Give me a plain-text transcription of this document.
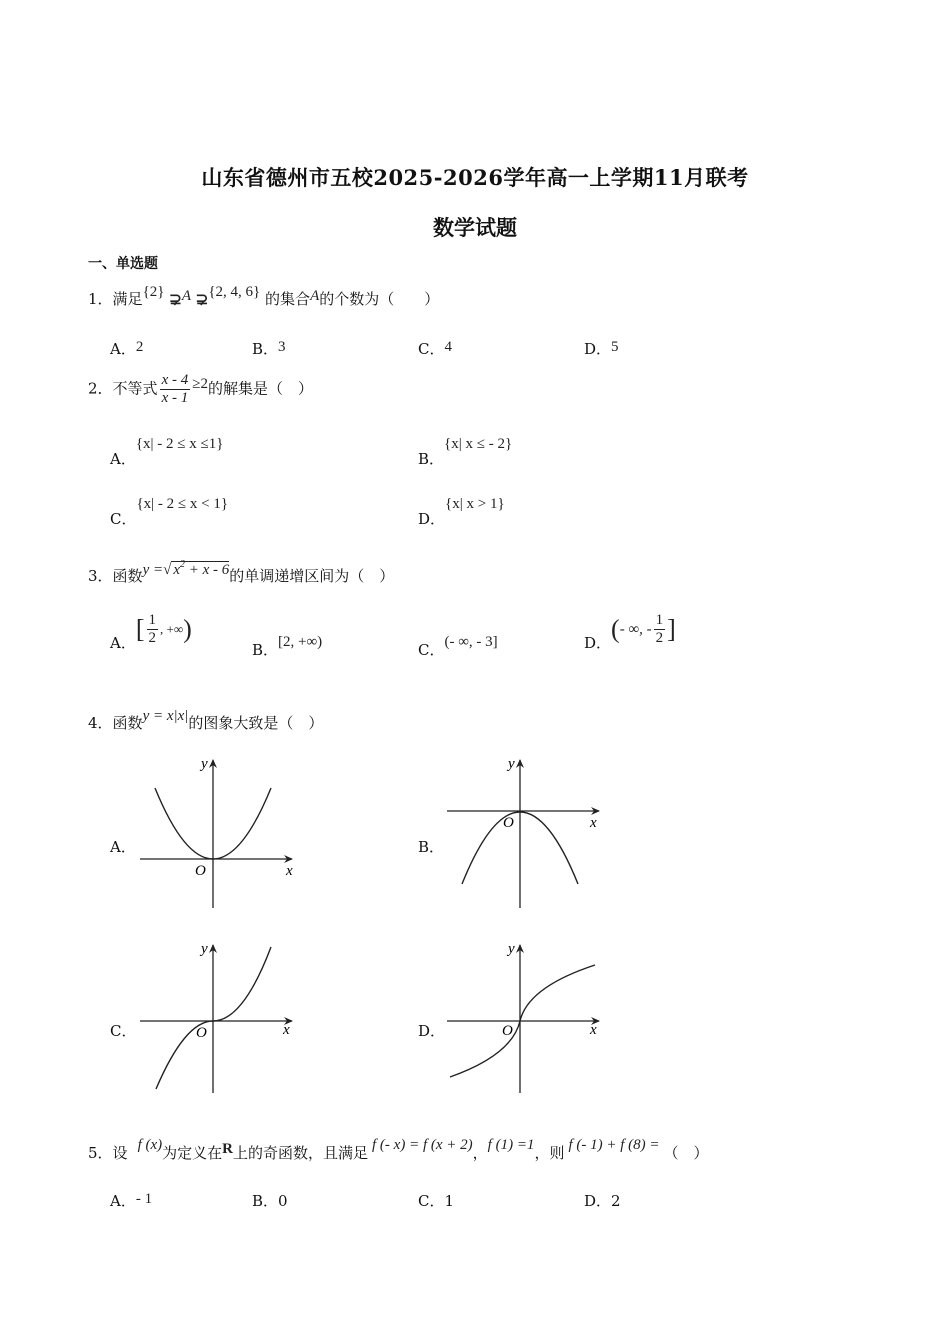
山东省德州市五校2025-2026学年高一上学期11月联考
数学试题
一、单选题
1．满足{2} ⊋A ⊋{2, 4, 6} 的集合A的个数为（　　）
A．2	B．3	C．4	D．5
2．不等式 $\frac{x - 4}{x - 1} \ge 2$的解集是（　）
A．{x| - 2 ≤ x ≤1}
B．{x| x ≤ - 2}
C．{x| - 2 ≤ x < 1}
D．{x| x > 1}
3．函数y =√ $x^2 + x - 6$的单调递增区间为（　）
A．[ $\frac{1}{2}$ , +∞)
B．[2, +∞)	C．(- ∞, - 3]	D．(- ∞, - $\frac{1}{2}$ ]
4．函数y = x|x|的图象大致是（　）
A．
x
y
O
B．
x
y
O
C．	x
y
O	D．	x
y
O
5．设 f (x)为定义在R上的奇函数，且满足 f (- x) = f (x + 2)，f (1) =1，则 f (- 1) + f (8) = （　）
A．- 1	B．0	C．1	D．2
